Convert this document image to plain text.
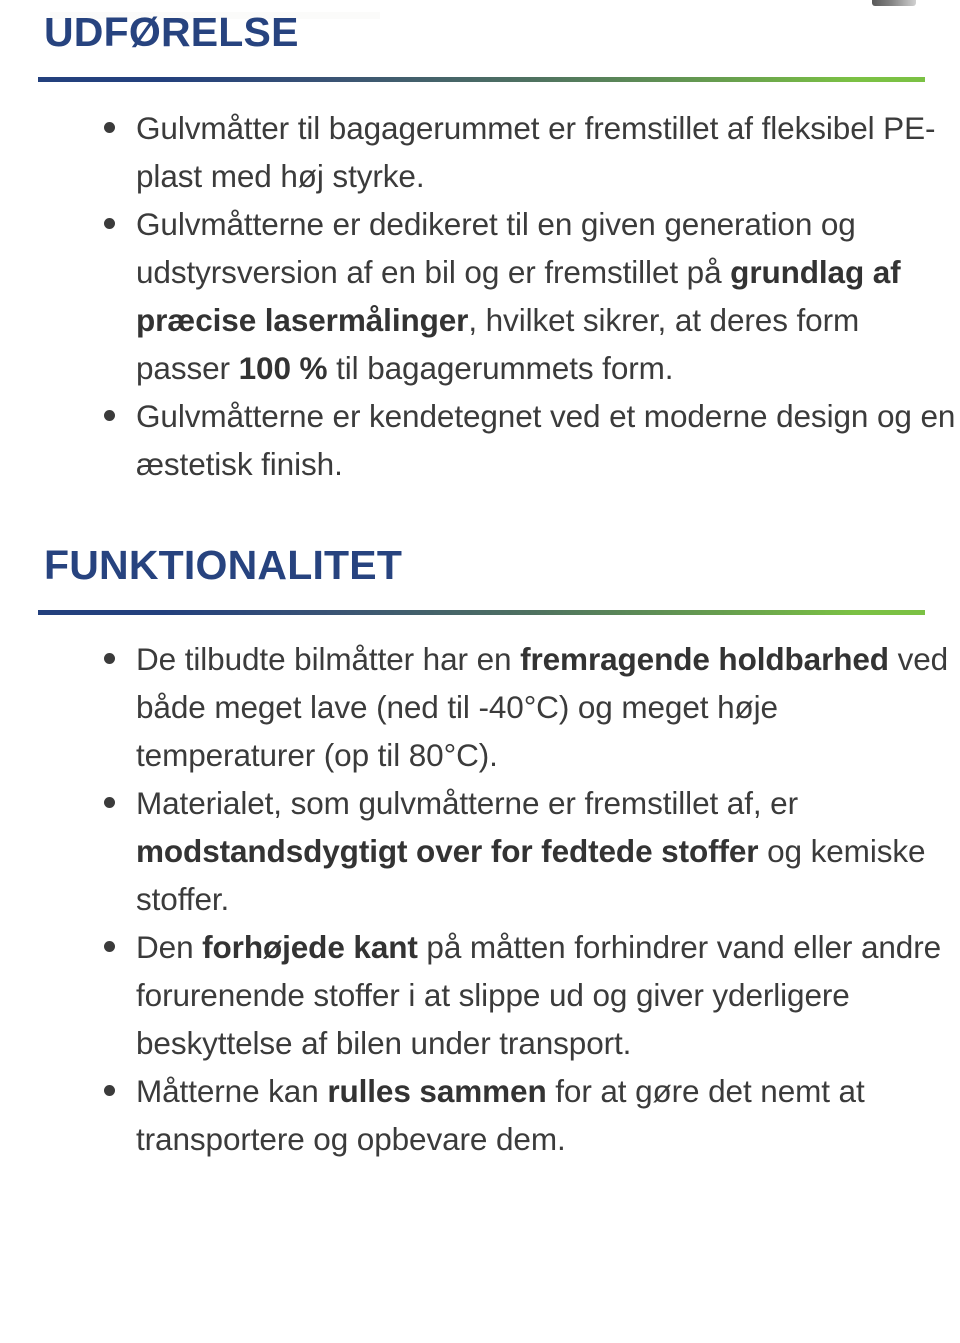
UDFØRELSE
Gulvmåtter til bagagerummet er fremstillet af fleksibel PE-plast med høj styrke.
Gulvmåtterne er dedikeret til en given generation og udstyrsversion af en bil og er fremstillet på grundlag af præcise lasermålinger, hvilket sikrer, at deres form passer 100 % til bagagerummets form.
Gulvmåtterne er kendetegnet ved et moderne design og en æstetisk finish.
FUNKTIONALITET
De tilbudte bilmåtter har en fremragende holdbarhed ved både meget lave (ned til -40°C) og meget høje temperaturer (op til 80°C).
Materialet, som gulvmåtterne er fremstillet af, er modstandsdygtigt over for fedtede stoffer og kemiske stoffer.
Den forhøjede kant på måtten forhindrer vand eller andre forurenende stoffer i at slippe ud og giver yderligere beskyttelse af bilen under transport.
Måtterne kan rulles sammen for at gøre det nemt at transportere og opbevare dem.
